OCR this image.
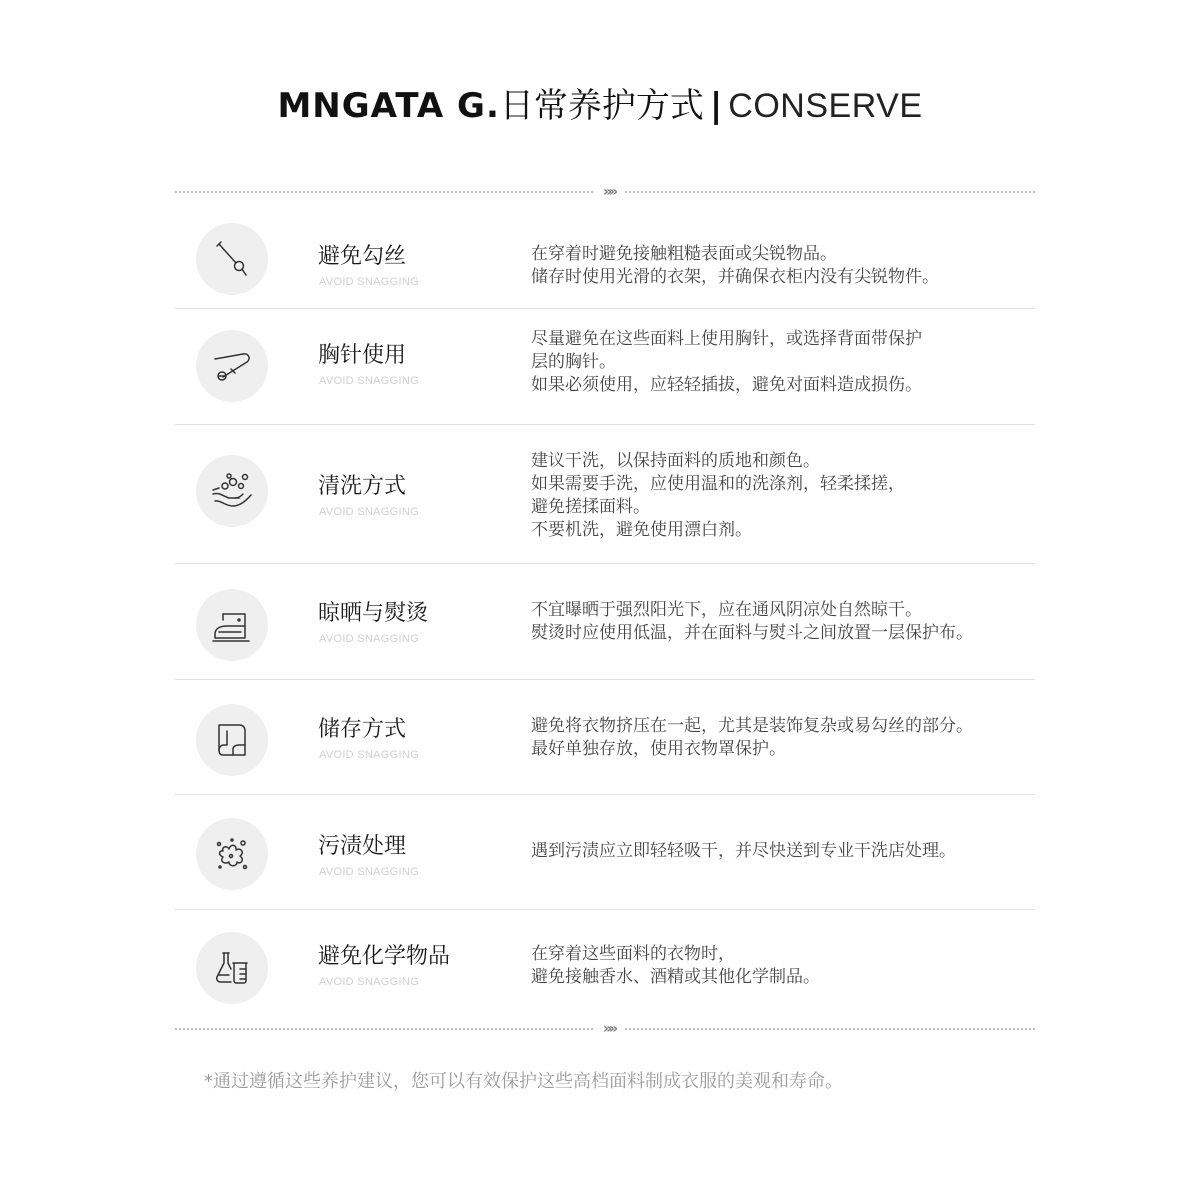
MNGATA G.日常养护方式 | CONSERVE
»»
避免勾丝
AVOID SNAGGING
在穿着时避免接触粗糙表面或尖锐物品。
储存时使用光滑的衣架，并确保衣柜内没有尖锐物件。
胸针使用
AVOID SNAGGING
尽量避免在这些面料上使用胸针，或选择背面带保护
层的胸针。
如果必须使用，应轻轻插拔，避免对面料造成损伤。
清洗方式
AVOID SNAGGING
建议干洗，以保持面料的质地和颜色。
如果需要手洗，应使用温和的洗涤剂，轻柔揉搓，
避免搓揉面料。
不要机洗，避免使用漂白剂。
晾晒与熨烫
AVOID SNAGGING
不宜曝晒于强烈阳光下，应在通风阴凉处自然晾干。
熨烫时应使用低温，并在面料与熨斗之间放置一层保护布。
储存方式
AVOID SNAGGING
避免将衣物挤压在一起，尤其是装饰复杂或易勾丝的部分。
最好单独存放，使用衣物罩保护。
污渍处理
AVOID SNAGGING
遇到污渍应立即轻轻吸干，并尽快送到专业干洗店处理。
避免化学物品
AVOID SNAGGING
在穿着这些面料的衣物时，
避免接触香水、酒精或其他化学制品。
»»
*通过遵循这些养护建议，您可以有效保护这些高档面料制成衣服的美观和寿命。
